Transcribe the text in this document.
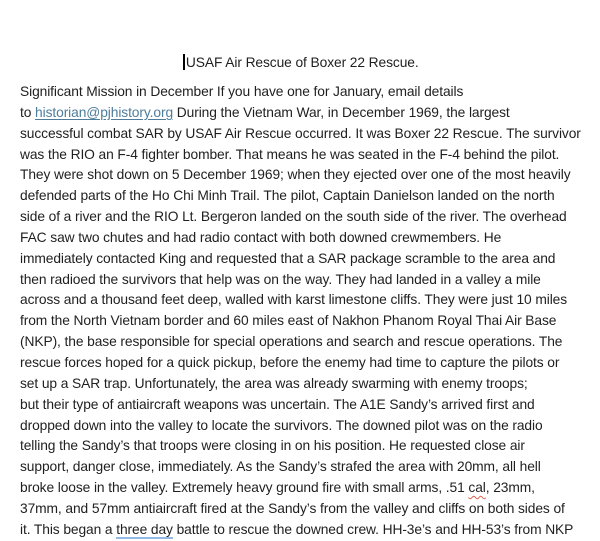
USAF Air Rescue of Boxer 22 Rescue.
Significant Mission in December If you have one for January, email details
to historian@pjhistory.org During the Vietnam War, in December 1969, the largest
successful combat SAR by USAF Air Rescue occurred. It was Boxer 22 Rescue. The survivor
was the RIO an F-4 fighter bomber. That means he was seated in the F-4 behind the pilot.
They were shot down on 5 December 1969; when they ejected over one of the most heavily
defended parts of the Ho Chi Minh Trail. The pilot, Captain Danielson landed on the north
side of a river and the RIO Lt. Bergeron landed on the south side of the river. The overhead
FAC saw two chutes and had radio contact with both downed crewmembers. He
immediately contacted King and requested that a SAR package scramble to the area and
then radioed the survivors that help was on the way. They had landed in a valley a mile
across and a thousand feet deep, walled with karst limestone cliffs. They were just 10 miles
from the North Vietnam border and 60 miles east of Nakhon Phanom Royal Thai Air Base
(NKP), the base responsible for special operations and search and rescue operations. The
rescue forces hoped for a quick pickup, before the enemy had time to capture the pilots or
set up a SAR trap. Unfortunately, the area was already swarming with enemy troops;
but their type of antiaircraft weapons was uncertain. The A1E Sandy’s arrived first and
dropped down into the valley to locate the survivors. The downed pilot was on the radio
telling the Sandy’s that troops were closing in on his position. He requested close air
support, danger close, immediately. As the Sandy’s strafed the area with 20mm, all hell
broke loose in the valley. Extremely heavy ground fire with small arms, .51 cal, 23mm,
37mm, and 57mm antiaircraft fired at the Sandy’s from the valley and cliffs on both sides of
it. This began a three day battle to rescue the downed crew. HH-3e’s and HH-53’s from NKP
